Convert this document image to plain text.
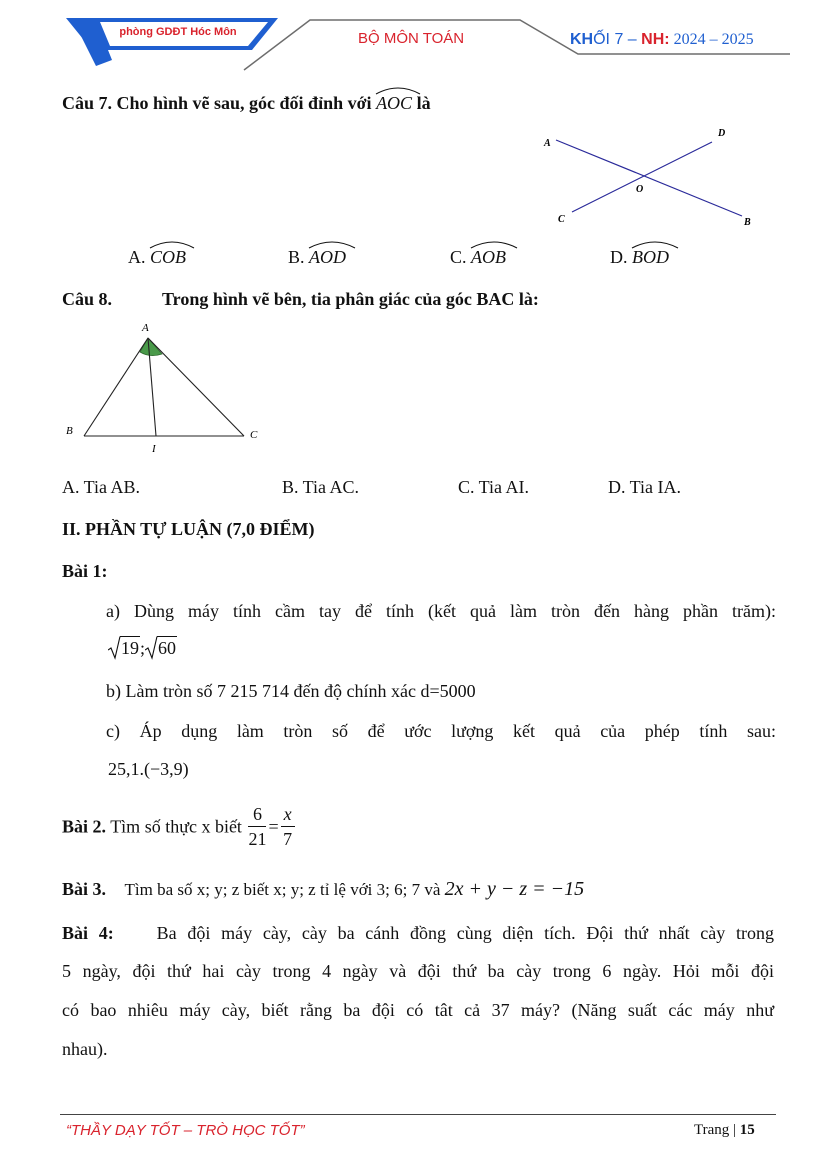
phòng GDĐT Hóc Môn	BỘ MÔN TOÁN	KHỐI 7 – NH: 2024 – 2025
Câu 7. Cho hình vẽ sau, góc đối đỉnh với
AOC là
A
D
O
C	B
A.
COB	B.
AOD	C.
AOB	D.
BOD
Câu 8.	Trong hình vẽ bên, tia phân giác của góc BAC là:
A
B	C
I
A. Tia AB.	B. Tia AC.	C. Tia AI.	D. Tia IA.
II. PHẦN TỰ LUẬN (7,0 ĐIỂM)
Bài 1:
a) Dùng máy tính cầm tay để tính (kết quả làm tròn đến hàng phần trăm):
19; 60
b) Làm tròn số 7 215 714 đến độ chính xác d=5000
c) Áp dụng làm tròn số để ước lượng kết quả của phép tính sau:
25,1.(−3,9)
Bài 2. Tìm số thực x biết $\frac{6}{21} = \frac{x}{7}$
Bài 3. Tìm ba số x; y; z biết x; y; z tỉ lệ với 3; 6; 7 và 2x + y − z = −15
Bài 4: Ba đội máy cày, cày ba cánh đồng cùng diện tích. Đội thứ nhất cày trong
5 ngày, đội thứ hai cày trong 4 ngày và đội thứ ba cày trong 6 ngày. Hỏi mỗi đội
có bao nhiêu máy cày, biết rằng ba đội có tât cả 37 máy? (Năng suất các máy như
nhau).
“THẦY DẠY TỐT – TRÒ HỌC TỐT”	Trang | 15
